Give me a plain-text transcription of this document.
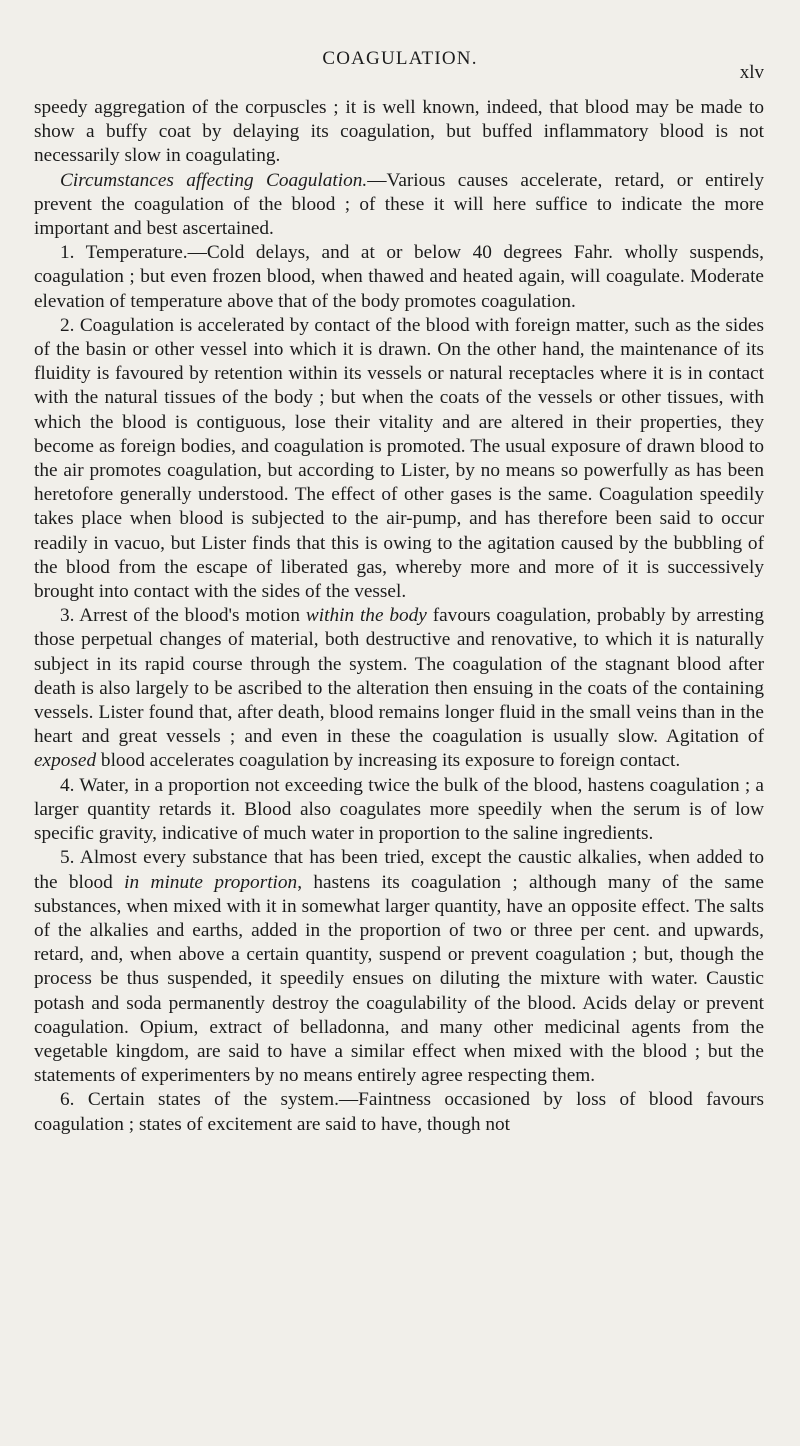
COAGULATION.
xlv

speedy aggregation of the corpuscles ; it is well known, indeed, that blood may be made to show a buffy coat by delaying its coagulation, but buffed inflammatory blood is not necessarily slow in coagulating.

Circumstances affecting Coagulation.—Various causes accelerate, retard, or entirely prevent the coagulation of the blood ; of these it will here suffice to indicate the more important and best ascertained.

1. Temperature.—Cold delays, and at or below 40 degrees Fahr. wholly suspends, coagulation ; but even frozen blood, when thawed and heated again, will coagulate. Moderate elevation of temperature above that of the body promotes coagulation.

2. Coagulation is accelerated by contact of the blood with foreign matter, such as the sides of the basin or other vessel into which it is drawn. On the other hand, the maintenance of its fluidity is favoured by retention within its vessels or natural receptacles where it is in contact with the natural tissues of the body ; but when the coats of the vessels or other tissues, with which the blood is contiguous, lose their vitality and are altered in their properties, they become as foreign bodies, and coagulation is promoted. The usual exposure of drawn blood to the air promotes coagulation, but according to Lister, by no means so powerfully as has been heretofore generally understood. The effect of other gases is the same. Coagulation speedily takes place when blood is subjected to the air-pump, and has therefore been said to occur readily in vacuo, but Lister finds that this is owing to the agitation caused by the bubbling of the blood from the escape of liberated gas, whereby more and more of it is successively brought into contact with the sides of the vessel.

3. Arrest of the blood's motion within the body favours coagulation, probably by arresting those perpetual changes of material, both destructive and renovative, to which it is naturally subject in its rapid course through the system. The coagulation of the stagnant blood after death is also largely to be ascribed to the alteration then ensuing in the coats of the containing vessels. Lister found that, after death, blood remains longer fluid in the small veins than in the heart and great vessels ; and even in these the coagulation is usually slow. Agitation of exposed blood accelerates coagulation by increasing its exposure to foreign contact.

4. Water, in a proportion not exceeding twice the bulk of the blood, hastens coagulation ; a larger quantity retards it. Blood also coagulates more speedily when the serum is of low specific gravity, indicative of much water in proportion to the saline ingredients.

5. Almost every substance that has been tried, except the caustic alkalies, when added to the blood in minute proportion, hastens its coagulation ; although many of the same substances, when mixed with it in somewhat larger quantity, have an opposite effect. The salts of the alkalies and earths, added in the proportion of two or three per cent. and upwards, retard, and, when above a certain quantity, suspend or prevent coagulation ; but, though the process be thus suspended, it speedily ensues on diluting the mixture with water. Caustic potash and soda permanently destroy the coagulability of the blood. Acids delay or prevent coagulation. Opium, extract of belladonna, and many other medicinal agents from the vegetable kingdom, are said to have a similar effect when mixed with the blood ; but the statements of experimenters by no means entirely agree respecting them.

6. Certain states of the system.—Faintness occasioned by loss of blood favours coagulation ; states of excitement are said to have, though not
